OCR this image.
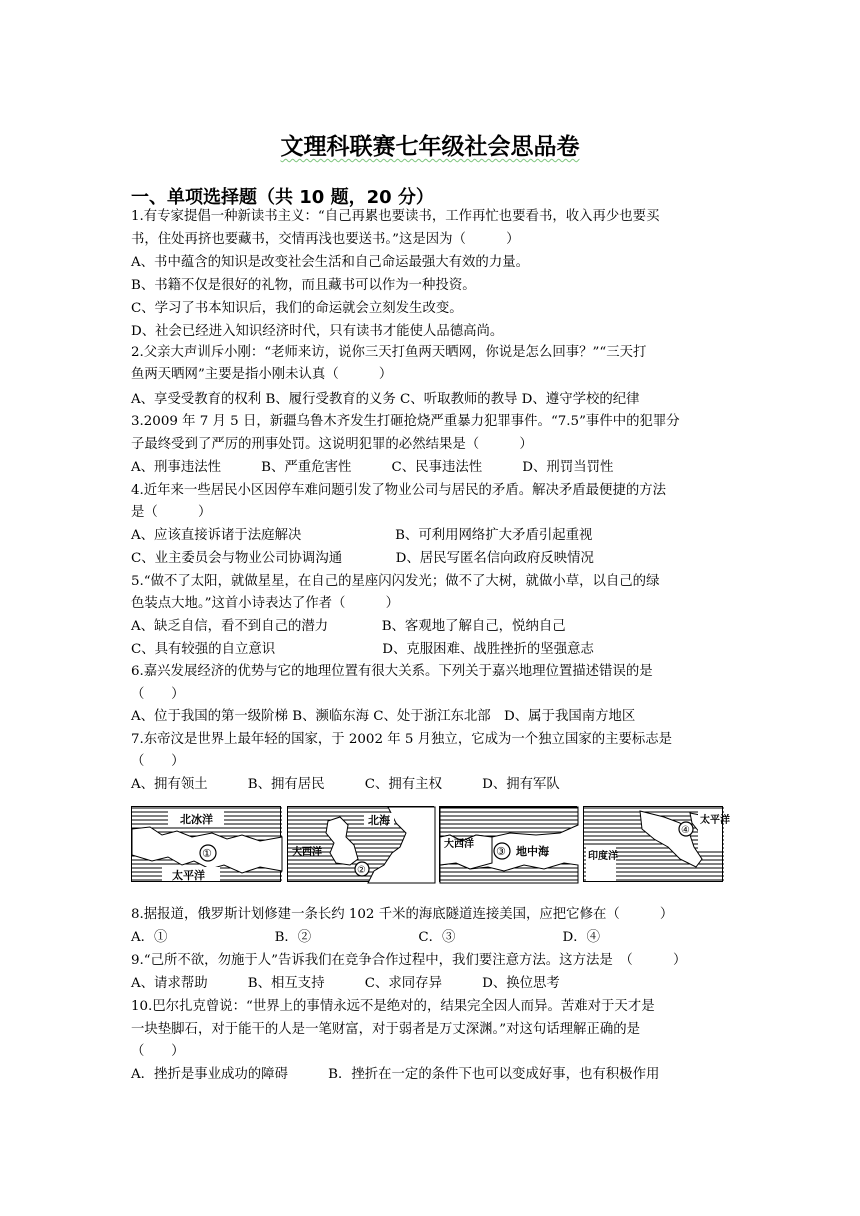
文理科联赛七年级社会思品卷
一、单项选择题（共 10 题，20 分）
1.有专家提倡一种新读书主义：“自己再累也要读书，工作再忙也要看书，收入再少也要买
书，住处再挤也要藏书，交情再浅也要送书。”这是因为（　　　）
A、书中蕴含的知识是改变社会生活和自己命运最强大有效的力量。
B、书籍不仅是很好的礼物，而且藏书可以作为一种投资。
C、学习了书本知识后，我们的命运就会立刻发生改变。
D、社会已经进入知识经济时代，只有读书才能使人品德高尚。
2.父亲大声训斥小刚：“老师来访，说你三天打鱼两天晒网，你说是怎么回事？”“三天打
鱼两天晒网”主要是指小刚未认真（　　　）
A、享受受教育的权利 B、履行受教育的义务 C、听取教师的教导 D、遵守学校的纪律
3.2009 年 7 月 5 日，新疆乌鲁木齐发生打砸抢烧严重暴力犯罪事件。“7.5”事件中的犯罪分
子最终受到了严厉的刑事处罚。这说明犯罪的必然结果是（　　　）
A、刑事违法性　　　B、严重危害性　　　C、民事违法性　　　D、刑罚当罚性
4.近年来一些居民小区因停车难问题引发了物业公司与居民的矛盾。解决矛盾最便捷的方法
是（　　　）
A、应该直接诉诸于法庭解决　　　　　　　B、可利用网络扩大矛盾引起重视
C、业主委员会与物业公司协调沟通　　　　D、居民写匿名信向政府反映情况
5.“做不了太阳，就做星星，在自己的星座闪闪发光；做不了大树，就做小草，以自己的绿
色装点大地。”这首小诗表达了作者（　　　）
A、缺乏自信，看不到自己的潜力　　　　B、客观地了解自己，悦纳自己
C、具有较强的自立意识　　　　　　　　D、克服困难、战胜挫折的坚强意志
6.嘉兴发展经济的优势与它的地理位置有很大关系。下列关于嘉兴地理位置描述错误的是
（　　）
A、位于我国的第一级阶梯 B、濒临东海 C、处于浙江东北部　D、属于我国南方地区
7.东帝汶是世界上最年轻的国家，于 2002 年 5 月独立，它成为一个独立国家的主要标志是
（　　）
A、拥有领土　　　B、拥有居民　　　C、拥有主权　　　D、拥有军队
8.据报道，俄罗斯计划修建一条长约 102 千米的海底隧道连接美国，应把它修在（　　　）
A．①　　　　　　　　B．②　　　　　　　　C．③　　　　　　　　D．④
9.“己所不欲，勿施于人”告诉我们在竞争合作过程中，我们要注意方法。这方法是　（　　　）
A、请求帮助　　　B、相互支持　　　C、求同存异　　　D、换位思考
10.巴尔扎克曾说：“世界上的事情永远不是绝对的，结果完全因人而异。苦难对于天才是
一块垫脚石，对于能干的人是一笔财富，对于弱者是万丈深渊。”对这句话理解正确的是
（　　）
A．挫折是事业成功的障碍　　　B．挫折在一定的条件下也可以变成好事，也有积极作用
北冰洋
太平洋
①
北海
大西洋
②
大西洋
地中海
③
太平洋
印度洋
④
